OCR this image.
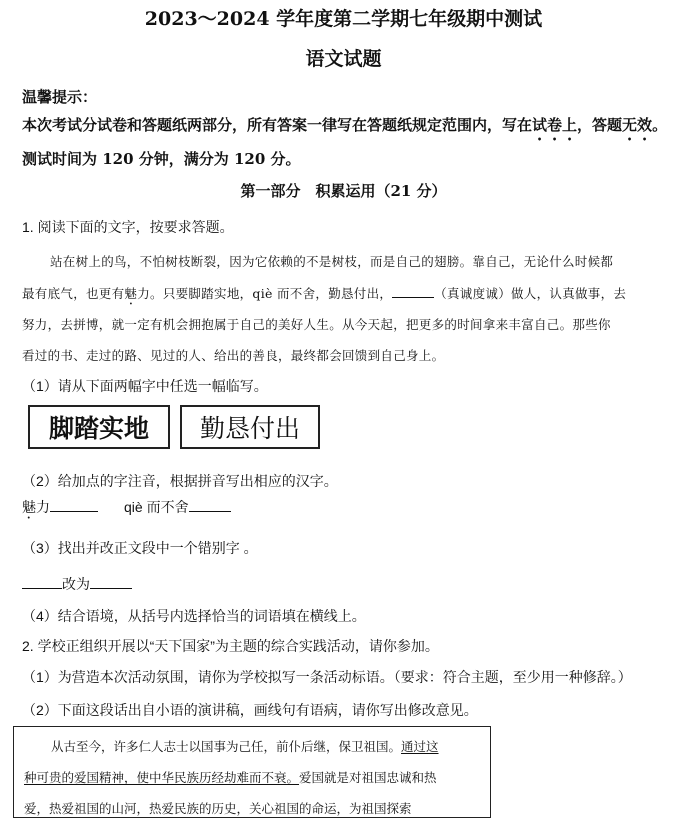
2023～2024 学年度第二学期七年级期中测试
语文试题
温馨提示：
本次考试分试卷和答题纸两部分，所有答案一律写在答题纸规定范围内，写在试卷上，答题无效。测试时间为 120 分钟，满分为 120 分。
第一部分　积累运用（21 分）
1. 阅读下面的文字，按要求答题。
站在树上的鸟，不怕树枝断裂，因为它依赖的不是树枝，而是自己的翅膀。靠自己，无论什么时候都
最有底气，也更有魅力。只要脚踏实地，qiè 而不舍，勤恳付出，	（真诚度诚）做人，认真做事，去
努力，去拼博，就一定有机会拥抱属于自己的美好人生。从今天起，把更多的时间拿来丰富自己。那些你
看过的书、走过的路、见过的人、给出的善良，最终都会回馈到自己身上。
（1）请从下面两幅字中任选一幅临写。
脚踏实地	勤恳付出
（2）给加点的字注音，根据拼音写出相应的汉字。
魅力	qiè 而不舍
（3）找出并改正文段中一个错别字 。
改为
（4）结合语境，从括号内选择恰当的词语填在横线上。
2. 学校正组织开展以“天下国家”为主题的综合实践活动，请你参加。
（1）为营造本次活动氛围，请你为学校拟写一条活动标语。（要求：符合主题，至少用一种修辞。）
（2）下面这段话出自小语的演讲稿，画线句有语病，请你写出修改意见。
从古至今，许多仁人志士以国事为己任，前仆后继，保卫祖国。通过这
种可贵的爱国精神，使中华民族历经劫难而不衰。爱国就是对祖国忠诚和热
爱，热爱祖国的山河，热爱民族的历史，关心祖国的命运，为祖国探索
